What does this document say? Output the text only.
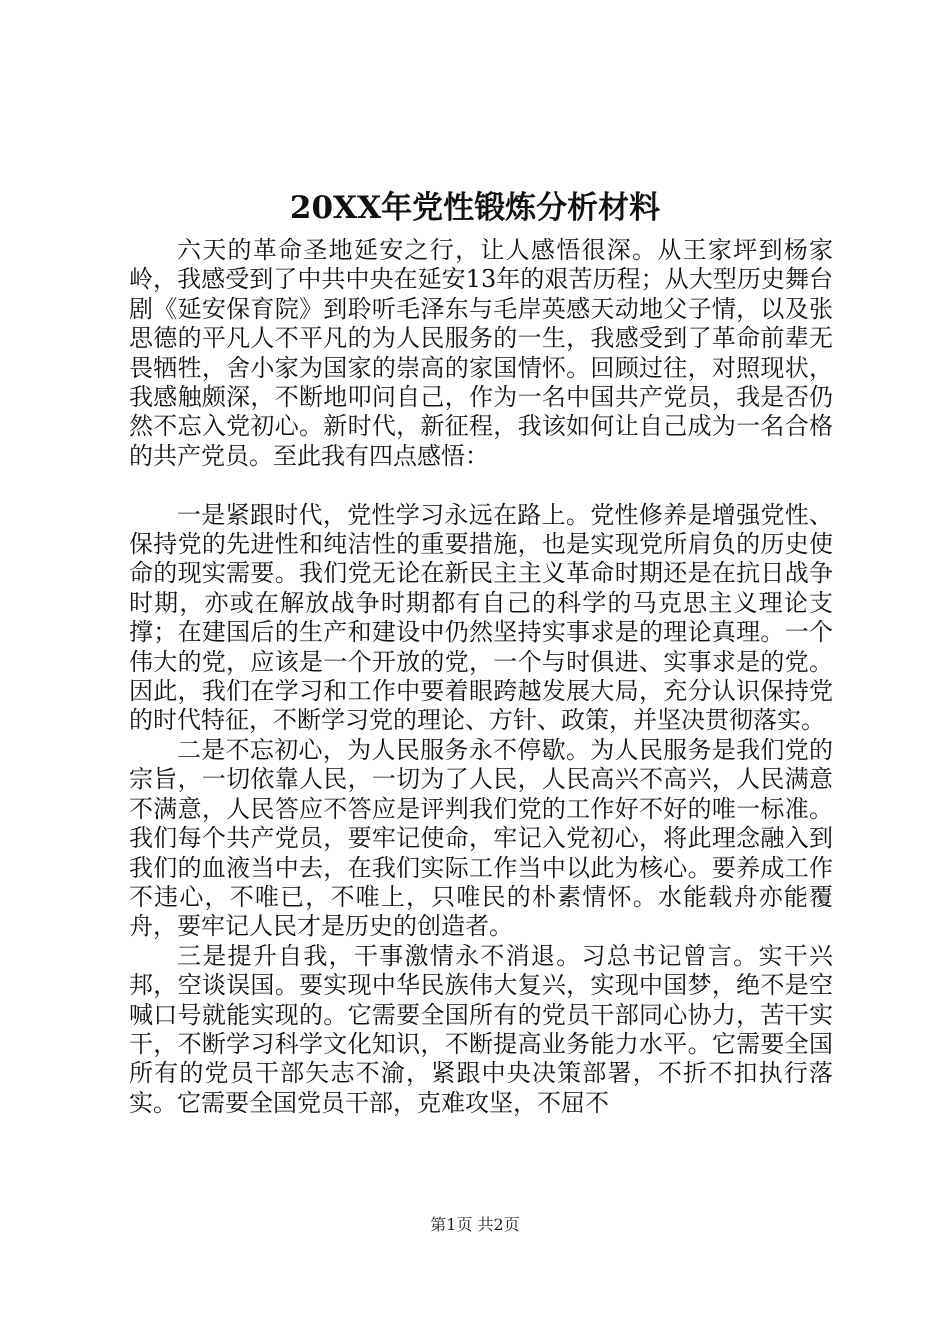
20XX年党性锻炼分析材料

六天的革命圣地延安之行，让人感悟很深。从王家坪到杨家岭，我感受到了中共中央在延安13年的艰苦历程；从大型历史舞台剧《延安保育院》到聆听毛泽东与毛岸英感天动地父子情，以及张思德的平凡人不平凡的为人民服务的一生，我感受到了革命前辈无畏牺牲，舍小家为国家的崇高的家国情怀。回顾过往，对照现状，我感触颇深，不断地叩问自己，作为一名中国共产党员，我是否仍然不忘入党初心。新时代，新征程，我该如何让自己成为一名合格的共产党员。至此我有四点感悟：

一是紧跟时代，党性学习永远在路上。党性修养是增强党性、保持党的先进性和纯洁性的重要措施，也是实现党所肩负的历史使命的现实需要。我们党无论在新民主主义革命时期还是在抗日战争时期，亦或在解放战争时期都有自己的科学的马克思主义理论支撑；在建国后的生产和建设中仍然坚持实事求是的理论真理。一个伟大的党，应该是一个开放的党，一个与时俱进、实事求是的党。因此，我们在学习和工作中要着眼跨越发展大局，充分认识保持党的时代特征，不断学习党的理论、方针、政策，并坚决贯彻落实。

二是不忘初心，为人民服务永不停歇。为人民服务是我们党的宗旨，一切依靠人民，一切为了人民，人民高兴不高兴，人民满意不满意，人民答应不答应是评判我们党的工作好不好的唯一标准。我们每个共产党员，要牢记使命，牢记入党初心，将此理念融入到我们的血液当中去，在我们实际工作当中以此为核心。要养成工作不违心，不唯已，不唯上，只唯民的朴素情怀。水能载舟亦能覆舟，要牢记人民才是历史的创造者。

三是提升自我，干事激情永不消退。习总书记曾言。实干兴邦，空谈误国。要实现中华民族伟大复兴，实现中国梦，绝不是空喊口号就能实现的。它需要全国所有的党员干部同心协力，苦干实干，不断学习科学文化知识，不断提高业务能力水平。它需要全国所有的党员干部矢志不渝，紧跟中央决策部署，不折不扣执行落实。它需要全国党员干部，克难攻坚，不屈不

第1页 共2页
